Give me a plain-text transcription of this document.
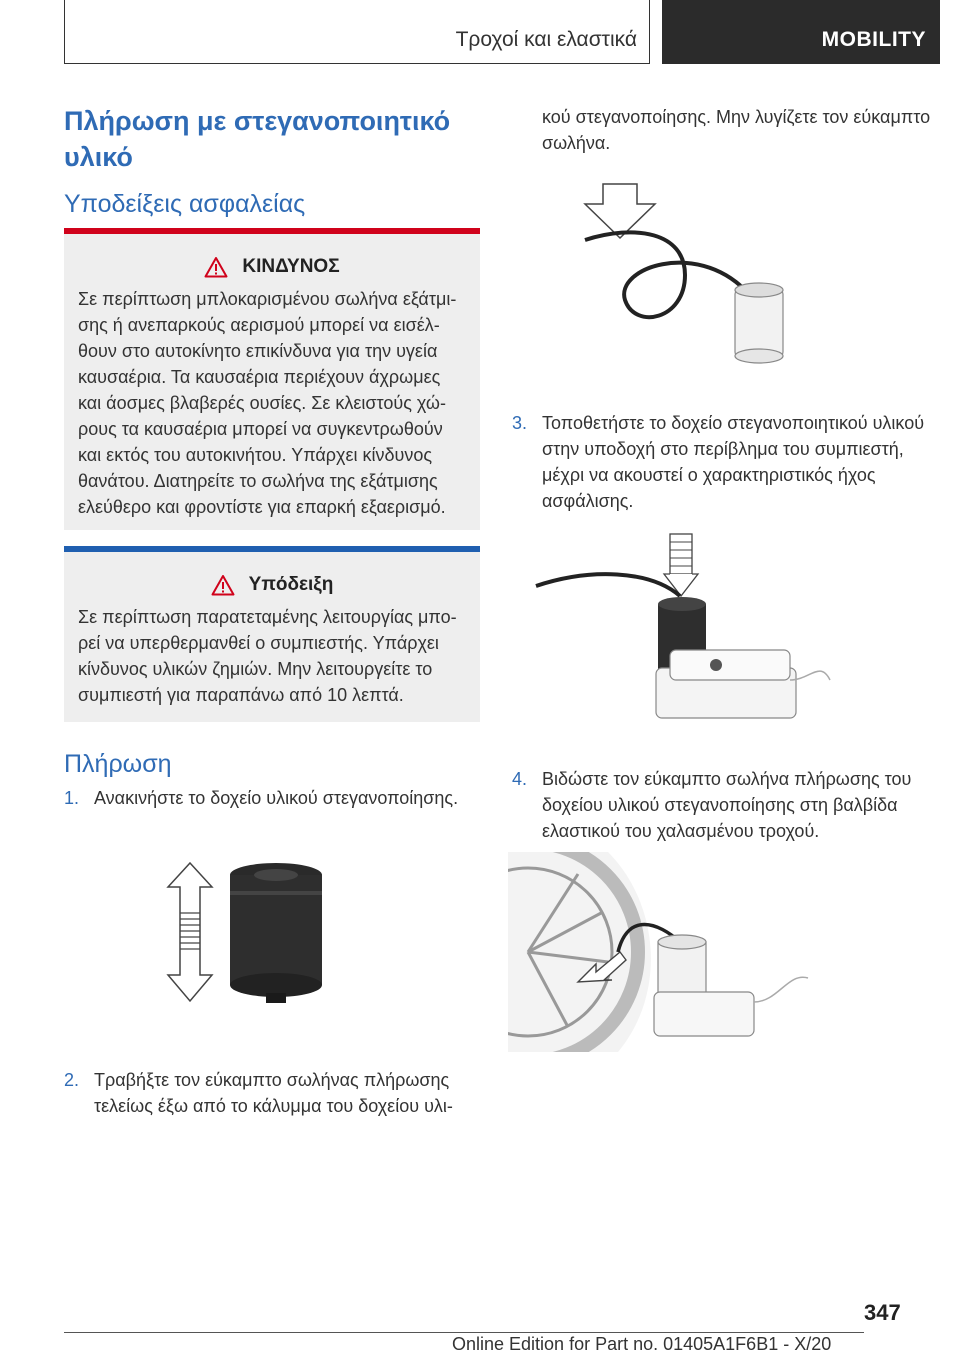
Τροχοί και ελαστικά	MOBILITY
Πλήρωση με στεγανοποιητικό υλικό
Υποδείξεις ασφαλείας
ΚΙΝΔΥΝΟΣ
Σε περίπτωση μπλοκαρισμένου σωλήνα εξάτμισης ή ανεπαρκούς αερισμού μπορεί να εισέλθουν στο αυτοκίνητο επικίνδυνα για την υγεία καυσαέρια. Τα καυσαέρια περιέχουν άχρωμες και άοσμες βλαβερές ουσίες. Σε κλειστούς χώρους τα καυσαέρια μπορεί να συγκεντρωθούν και εκτός του αυτοκινήτου. Υπάρχει κίνδυνος θανάτου. Διατηρείτε το σωλήνα της εξάτμισης ελεύθερο και φροντίστε για επαρκή εξαερισμό.
Υπόδειξη
Σε περίπτωση παρατεταμένης λειτουργίας μπορεί να υπερθερμανθεί ο συμπιεστής. Υπάρχει κίνδυνος υλικών ζημιών. Μην λειτουργείτε το συμπιεστή για παραπάνω από 10 λεπτά.
Πλήρωση
1. Ανακινήστε το δοχείο υλικού στεγανοποίησης.
2. Τραβήξτε τον εύκαμπτο σωλήνας πλήρωσης τελείως έξω από το κάλυμμα του δοχείου υλι-
κού στεγανοποίησης. Μην λυγίζετε τον εύκαμπτο σωλήνα.
3. Τοποθετήστε το δοχείο στεγανοποιητικού υλικού στην υποδοχή στο περίβλημα του συμπιεστή, μέχρι να ακουστεί ο χαρακτηριστικός ήχος ασφάλισης.
4. Βιδώστε τον εύκαμπτο σωλήνα πλήρωσης του δοχείου υλικού στεγανοποίησης στη βαλβίδα ελαστικού του χαλασμένου τροχού.
347
Online Edition for Part no. 01405A1F6B1 - X/20
